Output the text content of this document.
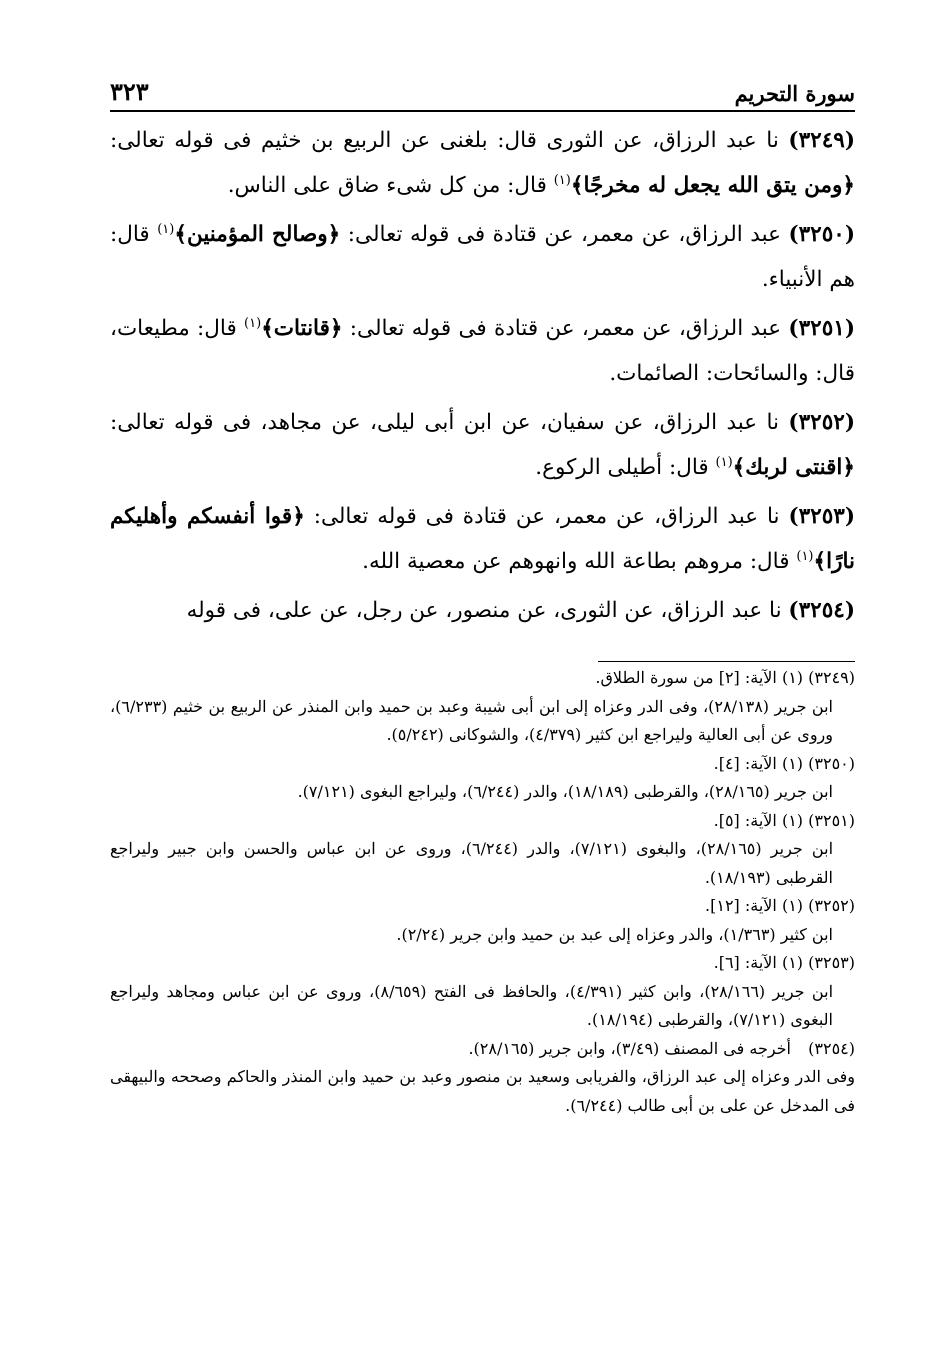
سورة التحريم
٣٢٣

(٣٢٤٩) نا عبد الرزاق، عن الثورى قال: بلغنى عن الربيع بن خثيم فى قوله تعالى: ﴿ومن يتق الله يجعل له مخرجًا﴾$^{(١)}$ قال: من كل شىء ضاق على الناس.

(٣٢٥٠) عبد الرزاق، عن معمر، عن قتادة فى قوله تعالى: ﴿وصالح المؤمنين﴾$^{(١)}$ قال: هم الأنبياء.

(٣٢٥١) عبد الرزاق، عن معمر، عن قتادة فى قوله تعالى: ﴿قانتات﴾$^{(١)}$ قال: مطيعات، قال: والسائحات: الصائمات.

(٣٢٥٢) نا عبد الرزاق، عن سفيان، عن ابن أبى ليلى، عن مجاهد، فى قوله تعالى: ﴿اقنتى لربك﴾$^{(١)}$ قال: أطيلى الركوع.

(٣٢٥٣) نا عبد الرزاق، عن معمر، عن قتادة فى قوله تعالى: ﴿قوا أنفسكم وأهليكم نارًا﴾$^{(١)}$ قال: مروهم بطاعة الله وانهوهم عن معصية الله.

(٣٢٥٤) نا عبد الرزاق، عن الثورى، عن منصور، عن رجل، عن على، فى قوله

(٣٢٤٩) (١) الآية: [٢] من سورة الطلاق.

ابن جرير (٢٨/١٣٨)، وفى الدر وعزاه إلى ابن أبى شيبة وعبد بن حميد وابن المنذر عن الربيع بن خثيم (٦/٢٣٣)، وروى عن أبى العالية وليراجع ابن كثير (٤/٣٧٩)، والشوكانى (٥/٢٤٢).

(٣٢٥٠) (١) الآية: [٤].

ابن جرير (٢٨/١٦٥)، والقرطبى (١٨/١٨٩)، والدر (٦/٢٤٤)، وليراجع البغوى (٧/١٢١).

(٣٢٥١) (١) الآية: [٥].

ابن جرير (٢٨/١٦٥)، والبغوى (٧/١٢١)، والدر (٦/٢٤٤)، وروى عن ابن عباس والحسن وابن جبير وليراجع القرطبى (١٨/١٩٣).

(٣٢٥٢) (١) الآية: [١٢].

ابن كثير (١/٣٦٣)، والدر وعزاه إلى عبد بن حميد وابن جرير (٢/٢٤).

(٣٢٥٣) (١) الآية: [٦].

ابن جرير (٢٨/١٦٦)، وابن كثير (٤/٣٩١)، والحافظ فى الفتح (٨/٦٥٩)، وروى عن ابن عباس ومجاهد وليراجع البغوى (٧/١٢١)، والقرطبى (١٨/١٩٤).

(٣٢٥٤)
أخرجه فى المصنف (٣/٤٩)، وابن جرير (٢٨/١٦٥).

وفى الدر وعزاه إلى عبد الرزاق، والفريابى وسعيد بن منصور وعبد بن حميد وابن المنذر والحاكم وصححه والبيهقى فى المدخل عن على بن أبى طالب (٦/٢٤٤).
